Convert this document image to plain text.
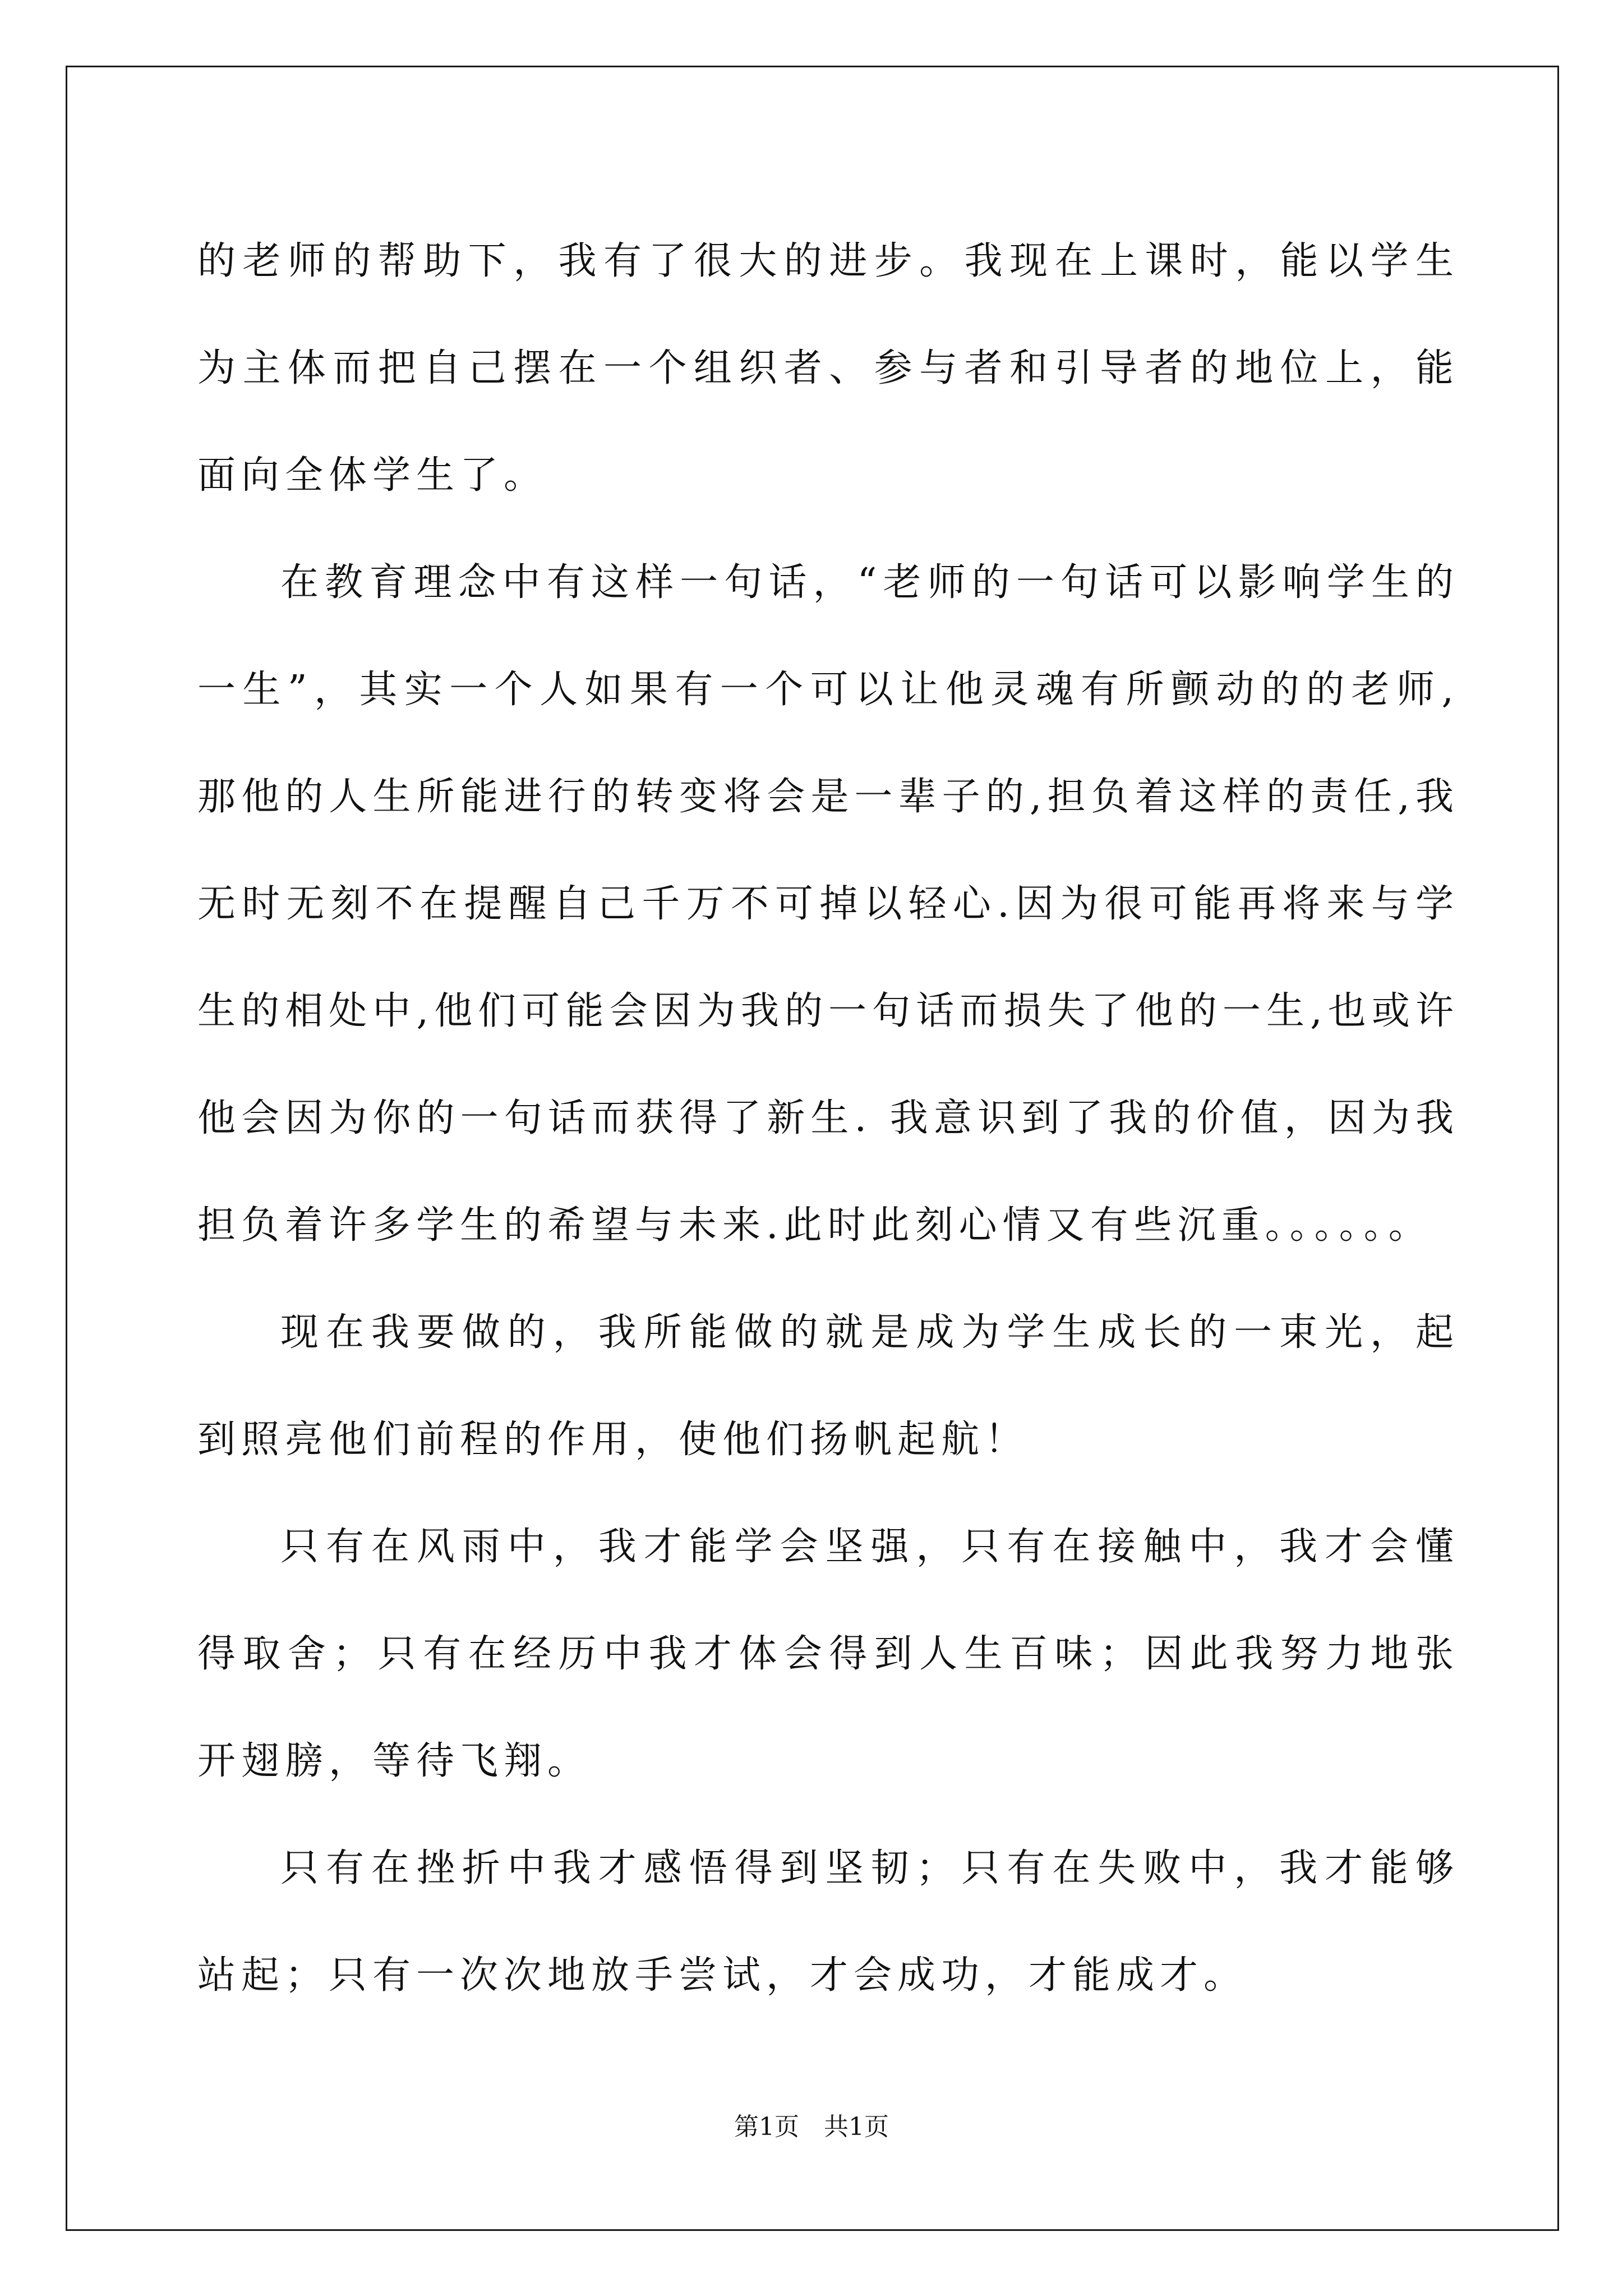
的老师的帮助下，我有了很大的进步。我现在上课时，能以学生为主体而把自己摆在一个组织者、参与者和引导者的地位上，能面向全体学生了。

在教育理念中有这样一句话，“老师的一句话可以影响学生的一生”，其实一个人如果有一个可以让他灵魂有所颤动的的老师,那他的人生所能进行的转变将会是一辈子的,担负着这样的责任,我无时无刻不在提醒自己千万不可掉以轻心.因为很可能再将来与学生的相处中,他们可能会因为我的一句话而损失了他的一生,也或许他会因为你的一句话而获得了新生. 我意识到了我的价值，因为我担负着许多学生的希望与未来.此时此刻心情又有些沉重。。。。。。

现在我要做的，我所能做的就是成为学生成长的一束光，起到照亮他们前程的作用，使他们扬帆起航！

只有在风雨中，我才能学会坚强，只有在接触中，我才会懂得取舍；只有在经历中我才体会得到人生百味；因此我努力地张开翅膀，等待飞翔。

只有在挫折中我才感悟得到坚韧；只有在失败中，我才能够站起；只有一次次地放手尝试，才会成功，才能成才。

第1页　共1页
